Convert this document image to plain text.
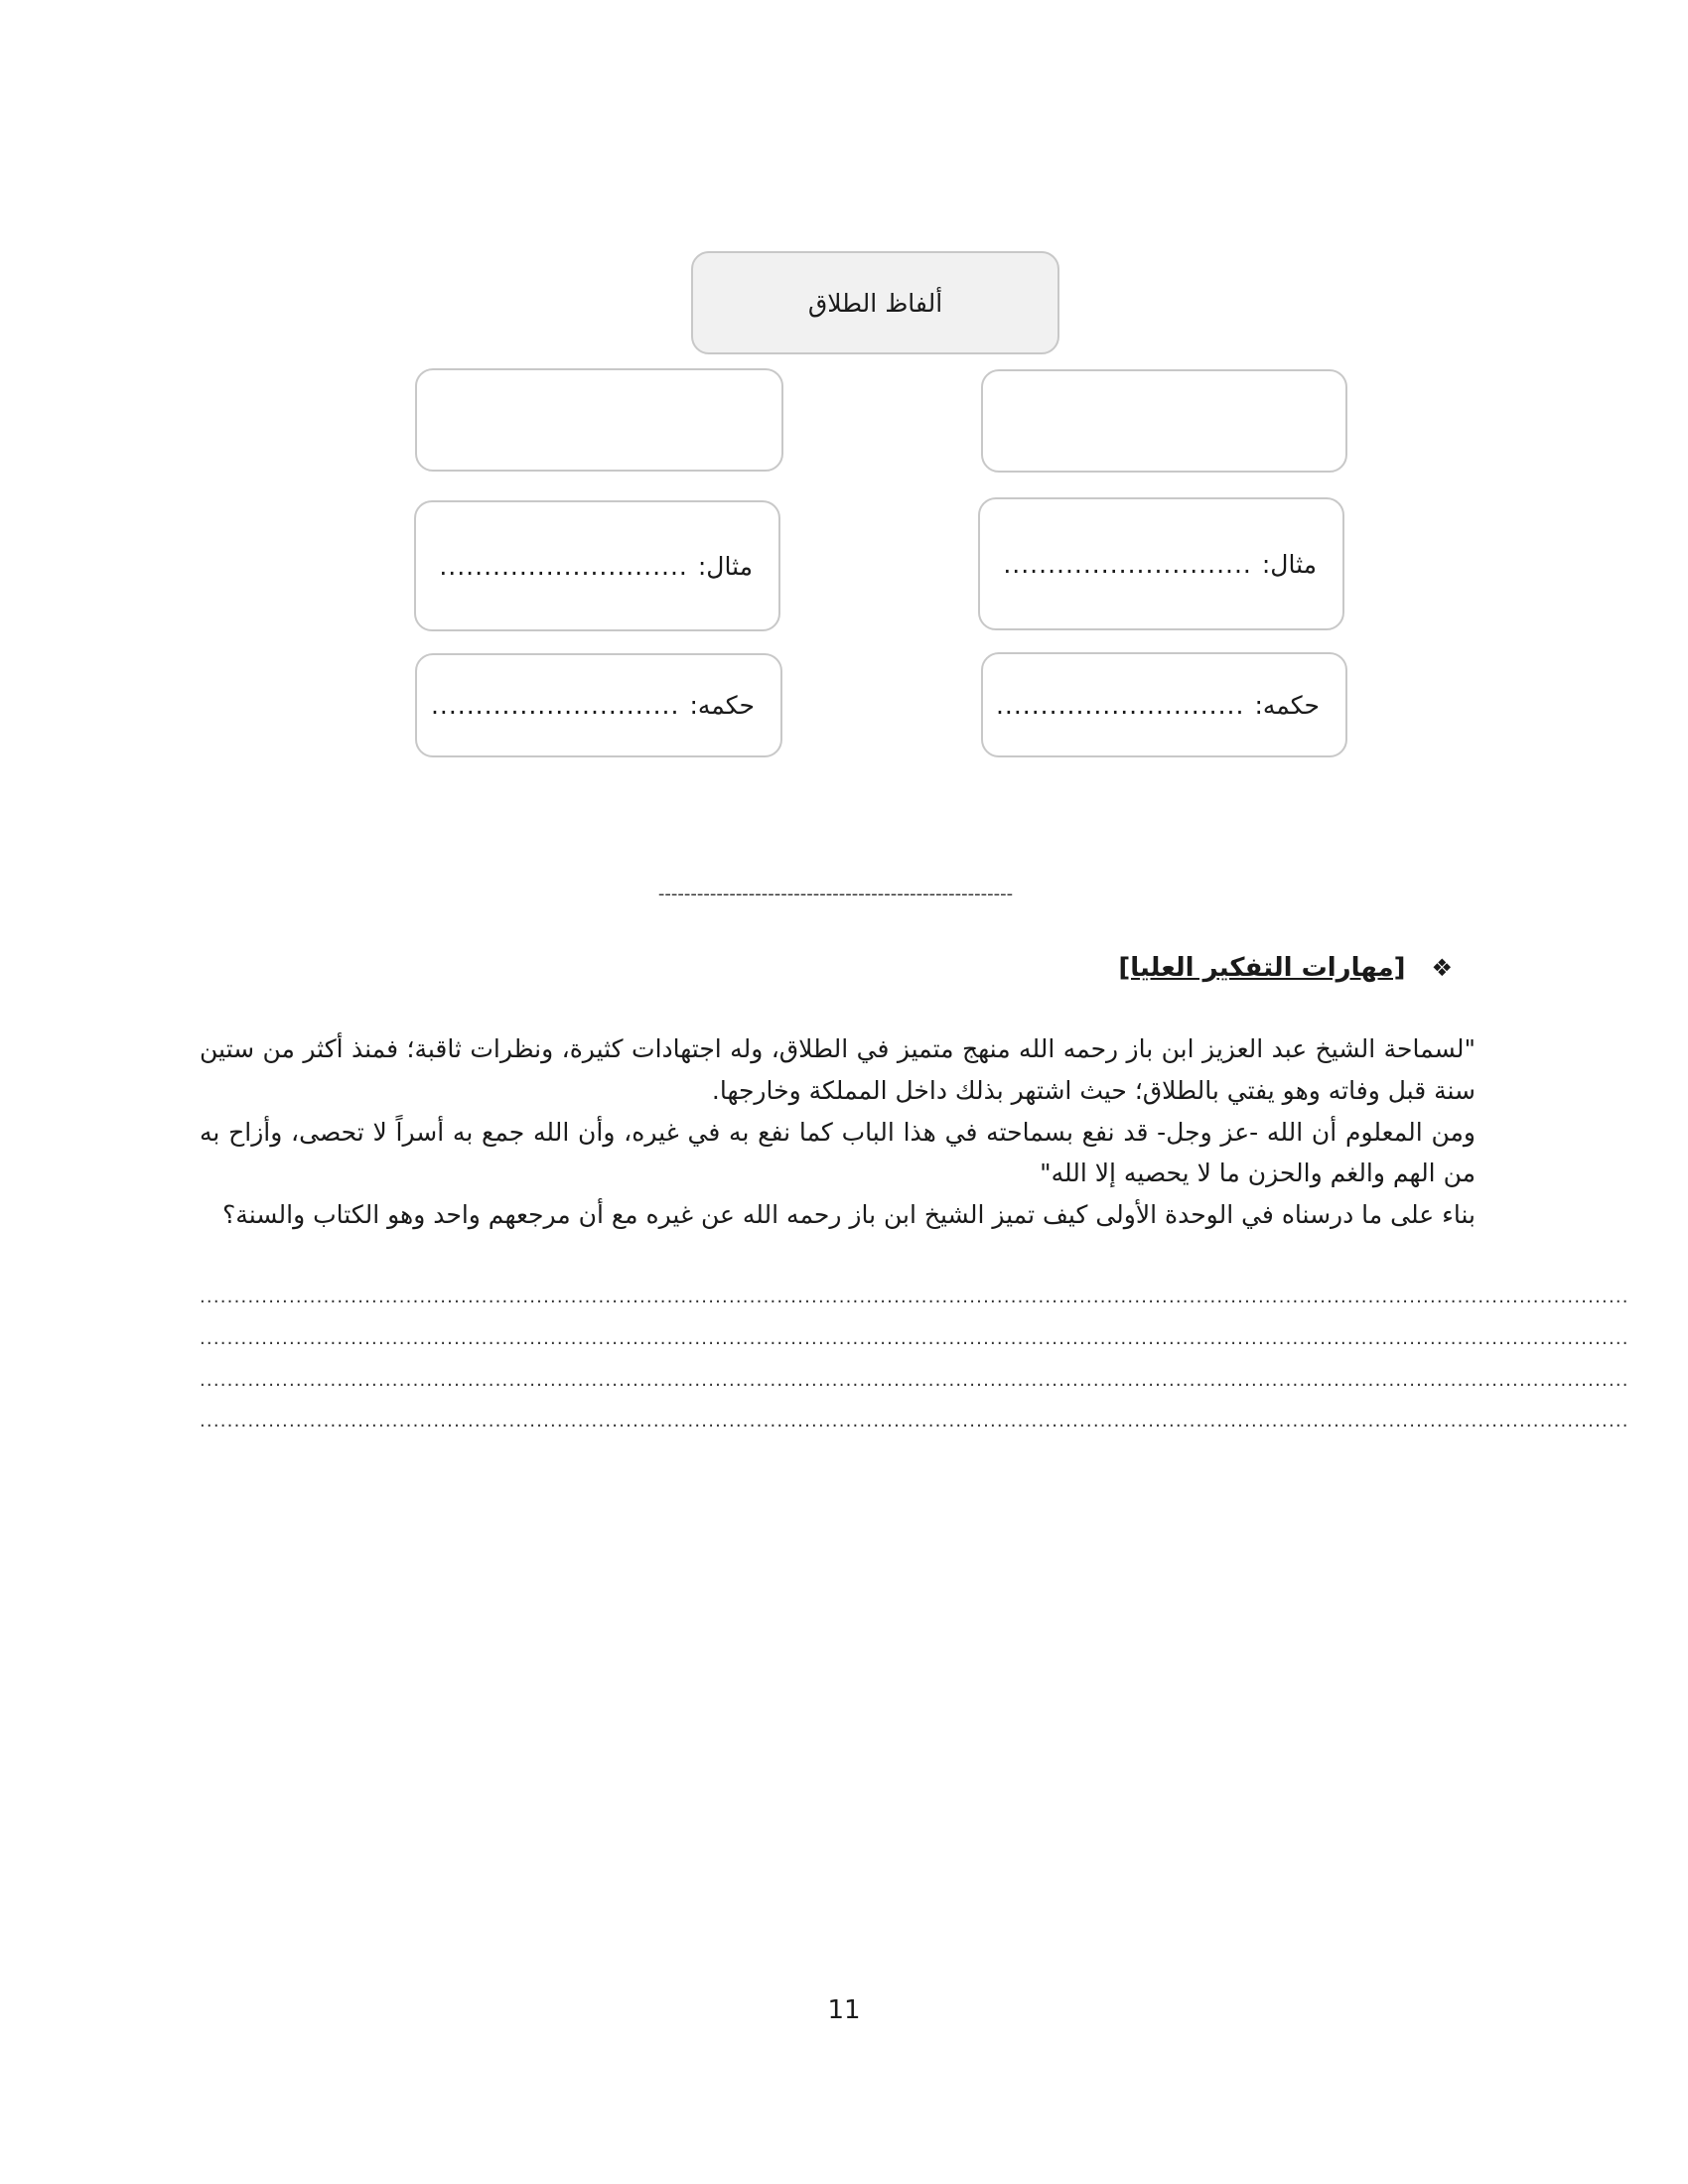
ألفاظ الطلاق
مثال:
............................	مثال:
............................
حكمه:
............................	حكمه:
............................
-------------------------------------------------------
❖
[مهارات التفكير العليا]

"لسماحة الشيخ عبد العزيز ابن باز رحمه الله منهج متميز في الطلاق، وله اجتهادات كثيرة، ونظرات ثاقبة؛ فمنذ أكثر من ستين سنة قبل وفاته وهو يفتي بالطلاق؛ حيث اشتهر بذلك داخل المملكة وخارجها.

ومن المعلوم أن الله -عز وجل- قد نفع بسماحته في هذا الباب كما نفع به في غيره، وأن الله جمع به أسراً لا تحصى، وأزاح به من الهم والغم والحزن ما لا يحصيه إلا الله"

بناء على ما درسناه في الوحدة الأولى كيف تميز الشيخ ابن باز رحمه الله عن غيره مع أن مرجعهم واحد وهو الكتاب والسنة؟

................................................................................................................................................................................................................
................................................................................................................................................................................................................
................................................................................................................................................................................................................
................................................................................................................................................................................................................
11
